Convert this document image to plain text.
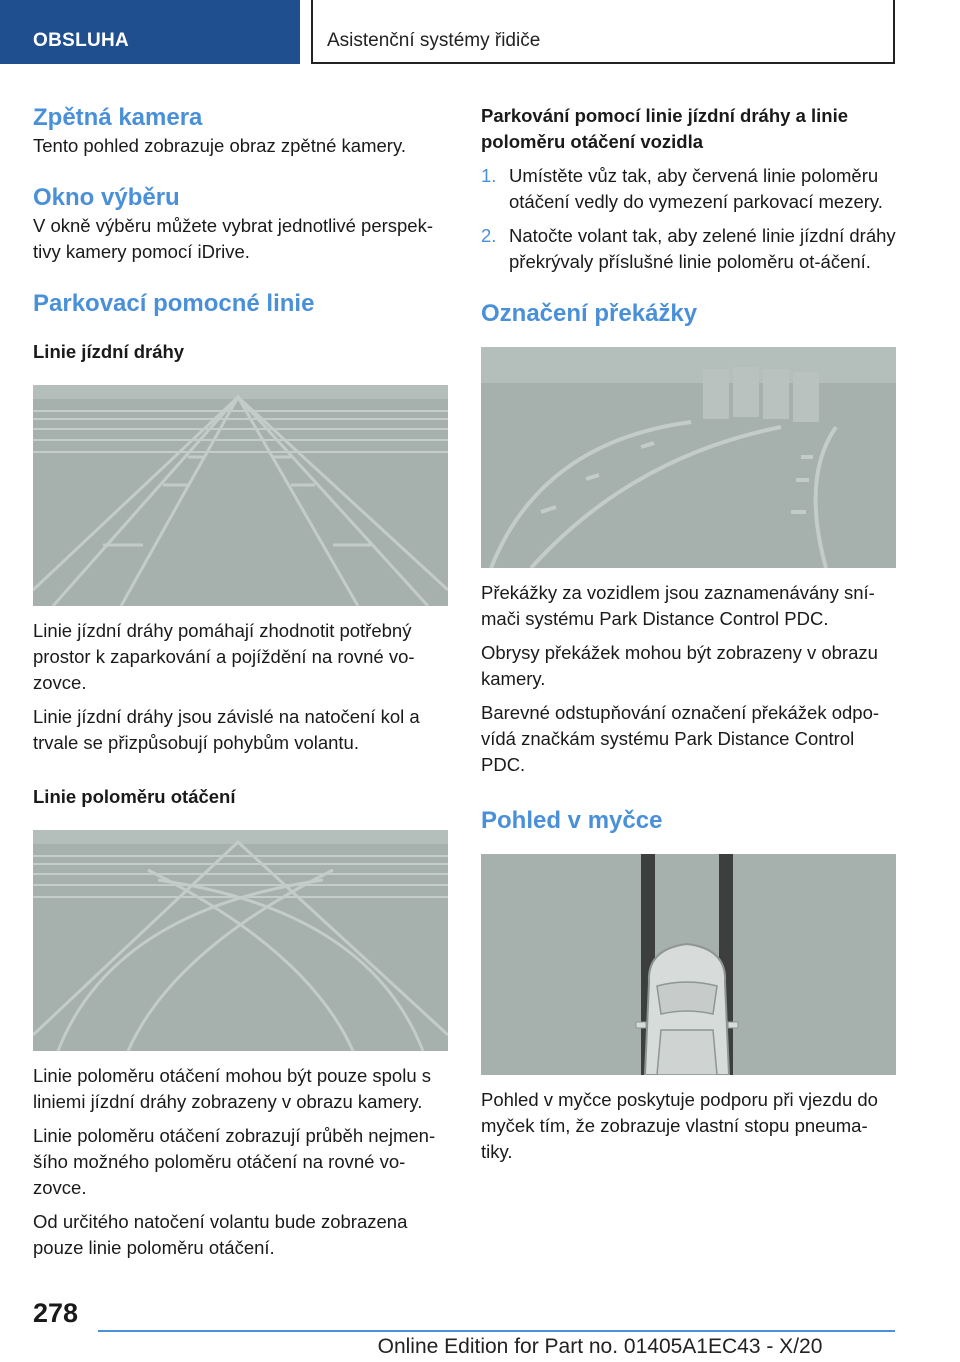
OBSLUHA	Asistenční systémy řidiče
Zpětná kamera

Tento pohled zobrazuje obraz zpětné kamery.

Okno výběru

V okně výběru můžete vybrat jednotlivé perspek-tivy kamery pomocí iDrive.

Parkovací pomocné linie
Linie jízdní dráhy

Linie jízdní dráhy pomáhají zhodnotit potřebný prostor k zaparkování a pojíždění na rovné vo-zovce.

Linie jízdní dráhy jsou závislé na natočení kol a trvale se přizpůsobují pohybům volantu.

Linie poloměru otáčení

Linie poloměru otáčení mohou být pouze spolu s liniemi jízdní dráhy zobrazeny v obrazu kamery.

Linie poloměru otáčení zobrazují průběh nejmen-šího možného poloměru otáčení na rovné vo-zovce.

Od určitého natočení volantu bude zobrazena pouze linie poloměru otáčení.

Parkování pomocí linie jízdní dráhy a linie poloměru otáčení vozidla
1. Umístěte vůz tak, aby červená linie poloměru otáčení vedly do vymezení parkovací mezery.
2. Natočte volant tak, aby zelené linie jízdní dráhy překrývaly příslušné linie poloměru ot-áčení.
Označení překážky

Překážky za vozidlem jsou zaznamenávány sní-mači systému Park Distance Control PDC.

Obrysy překážek mohou být zobrazeny v obrazu kamery.

Barevné odstupňování označení překážek odpo-vídá značkám systému Park Distance Control PDC.

Pohled v myčce

Pohled v myčce poskytuje podporu při vjezdu do myček tím, že zobrazuje vlastní stopu pneuma-tiky.

278
Online Edition for Part no. 01405A1EC43 - X/20
